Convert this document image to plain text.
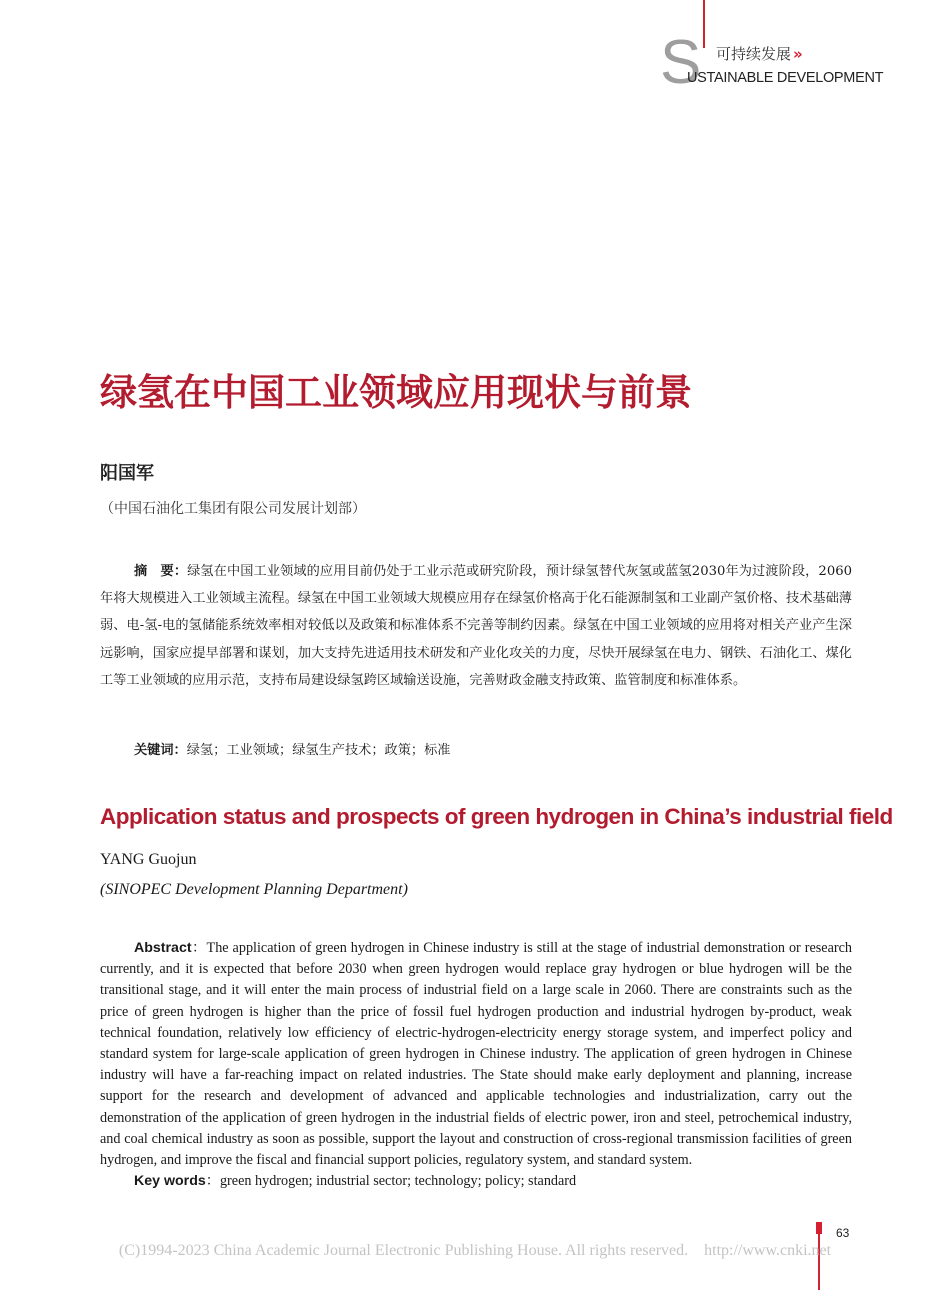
S 可持续发展 »
USTAINABLE DEVELOPMENT
绿氢在中国工业领域应用现状与前景
阳国军
（中国石油化工集团有限公司发展计划部）

摘　要：绿氢在中国工业领域的应用目前仍处于工业示范或研究阶段，预计绿氢替代灰氢或蓝氢2030年为过渡阶段，2060年将大规模进入工业领域主流程。绿氢在中国工业领域大规模应用存在绿氢价格高于化石能源制氢和工业副产氢价格、技术基础薄弱、电-氢-电的氢储能系统效率相对较低以及政策和标准体系不完善等制约因素。绿氢在中国工业领域的应用将对相关产业产生深远影响，国家应提早部署和谋划，加大支持先进适用技术研发和产业化攻关的力度，尽快开展绿氢在电力、钢铁、石油化工、煤化工等工业领域的应用示范，支持布局建设绿氢跨区域输送设施，完善财政金融支持政策、监管制度和标准体系。

关键词：绿氢；工业领域；绿氢生产技术；政策；标准
Application status and prospects of green hydrogen in China’s industrial field
YANG Guojun
(SINOPEC Development Planning Department)

Abstract：The application of green hydrogen in Chinese industry is still at the stage of industrial demonstration or research currently, and it is expected that before 2030 when green hydrogen would replace gray hydrogen or blue hydrogen will be the transitional stage, and it will enter the main process of industrial field on a large scale in 2060. There are constraints such as the price of green hydrogen is higher than the price of fossil fuel hydrogen production and industrial hydrogen by-product, weak technical foundation, relatively low efficiency of electric-hydrogen-electricity energy storage system, and imperfect policy and standard system for large-scale application of green hydrogen in Chinese industry. The application of green hydrogen in Chinese industry will have a far-reaching impact on related industries. The State should make early deployment and planning, increase support for the research and development of advanced and applicable technologies and industrialization, carry out the demonstration of the application of green hydrogen in the industrial fields of electric power, iron and steel, petrochemical industry, and coal chemical industry as soon as possible, support the layout and construction of cross-regional transmission facilities of green hydrogen, and improve the fiscal and financial support policies, regulatory system, and standard system.

Key words：green hydrogen; industrial sector; technology; policy; standard
63
(C)1994-2023 China Academic Journal Electronic Publishing House. All rights reserved.    http://www.cnki.net
